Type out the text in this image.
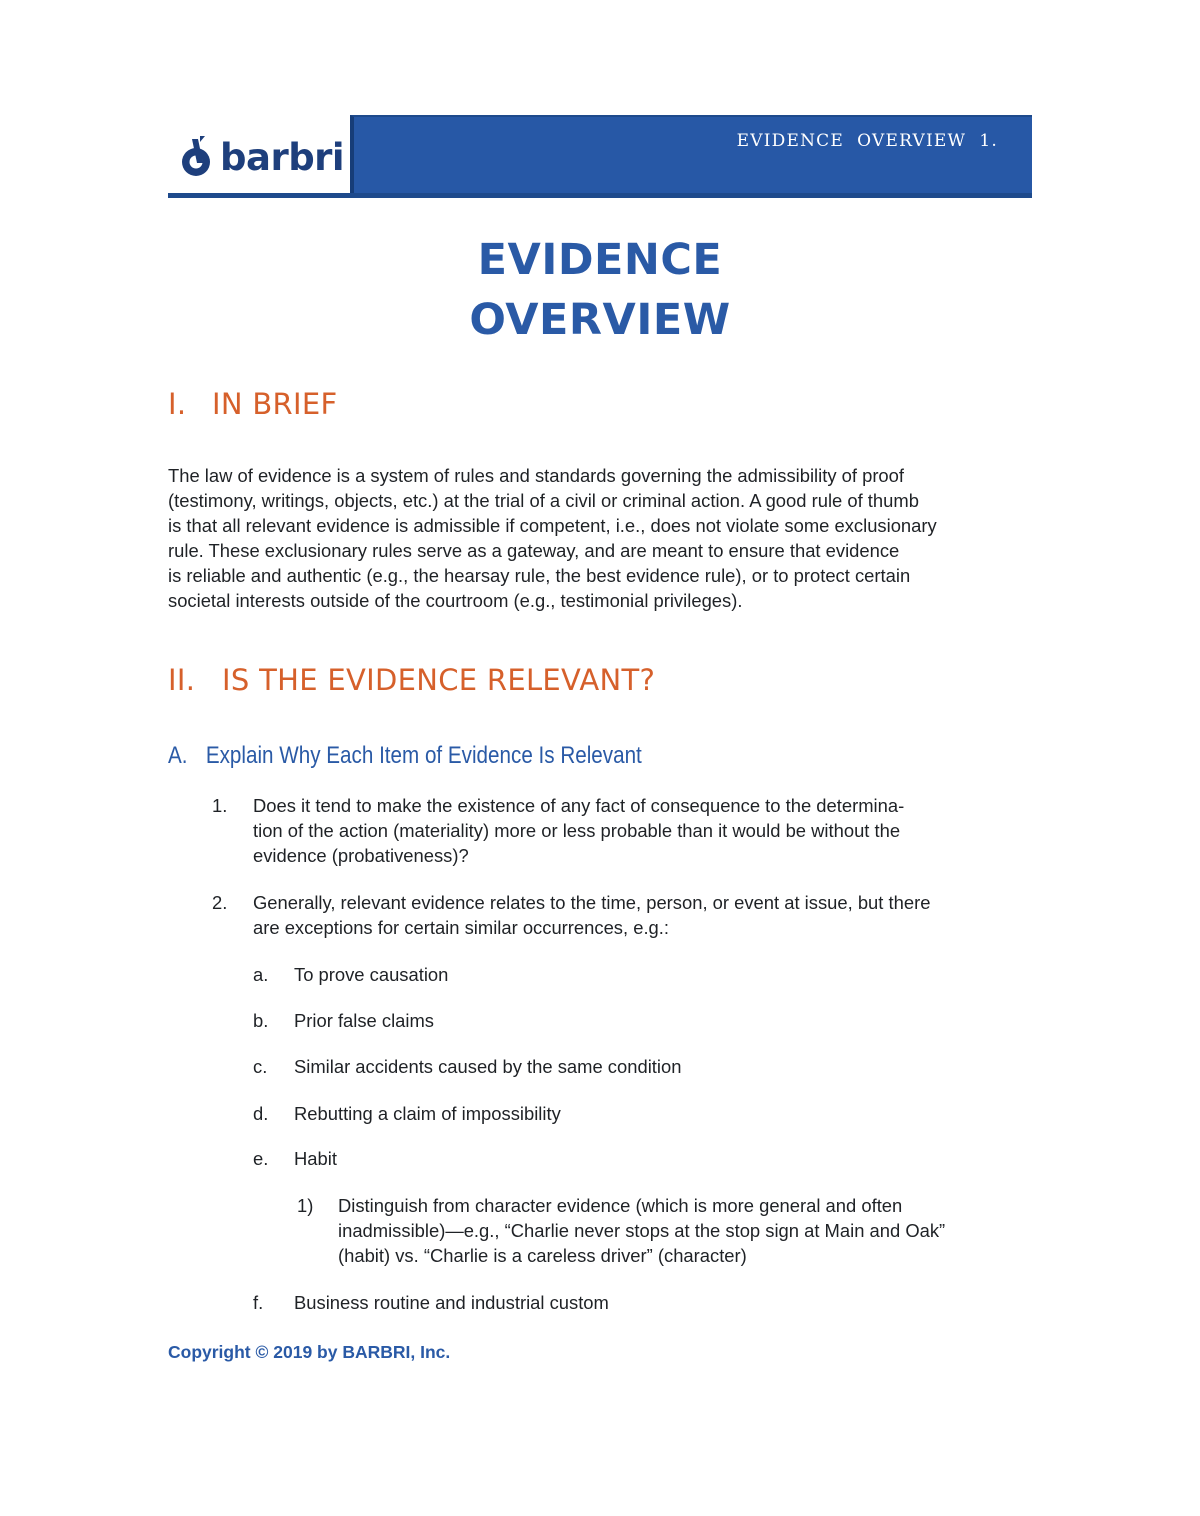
barbri	EVIDENCE  OVERVIEW  1.
EVIDENCE
OVERVIEW
I. IN BRIEF
The law of evidence is a system of rules and standards governing the admissibility of proof
(testimony, writings, objects, etc.) at the trial of a civil or criminal action. A good rule of thumb
is that all relevant evidence is admissible if competent, i.e., does not violate some exclusionary
rule. These exclusionary rules serve as a gateway, and are meant to ensure that evidence
is reliable and authentic (e.g., the hearsay rule, the best evidence rule), or to protect certain
societal interests outside of the courtroom (e.g., testimonial privileges).
II. IS THE EVIDENCE RELEVANT?
A. Explain Why Each Item of Evidence Is Relevant
1. Does it tend to make the existence of any fact of consequence to the determina-
tion of the action (materiality) more or less probable than it would be without the
evidence (probativeness)?
2. Generally, relevant evidence relates to the time, person, or event at issue, but there
are exceptions for certain similar occurrences, e.g.:
a. To prove causation
b. Prior false claims
c. Similar accidents caused by the same condition
d. Rebutting a claim of impossibility
e. Habit
1) Distinguish from character evidence (which is more general and often
inadmissible)—e.g., “Charlie never stops at the stop sign at Main and Oak”
(habit) vs. “Charlie is a careless driver” (character)
f. Business routine and industrial custom
Copyright © 2019 by BARBRI, Inc.
